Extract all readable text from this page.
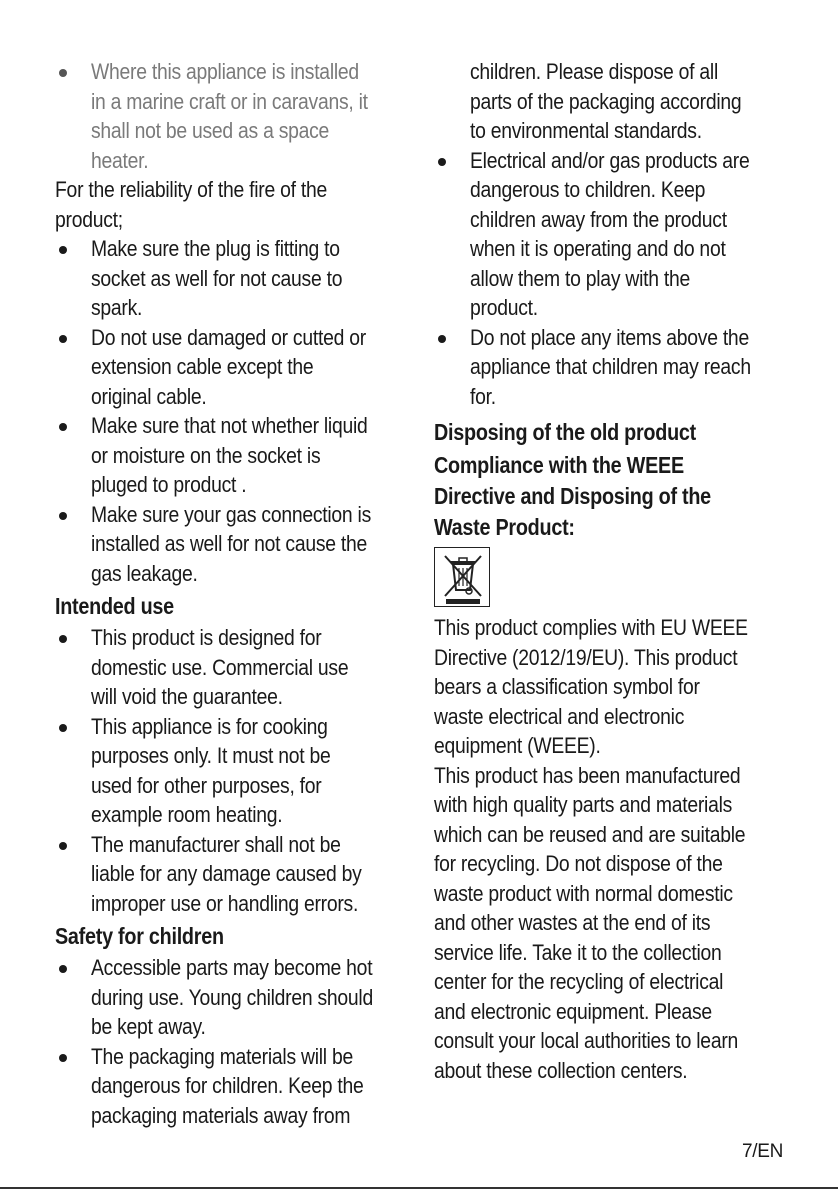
Where this appliance is installed
in a marine craft or in caravans, it
shall not be used as a space
heater.

For the reliability of the fire of the
product;

Make sure the plug is fitting to
socket as well for not cause to
spark.
Do not use damaged or cutted or
extension cable except the
original cable.
Make sure that not whether liquid
or moisture on the socket is
pluged to product .
Make sure your gas connection is
installed as well for not cause the
gas leakage.
Intended use
This product is designed for
domestic use. Commercial use
will void the guarantee.
This appliance is for cooking
purposes only. It must not be
used for other purposes, for
example room heating.
The manufacturer shall not be
liable for any damage caused by
improper use or handling errors.
Safety for children
Accessible parts may become hot
during use. Young children should
be kept away.
The packaging materials will be
dangerous for children. Keep the
packaging materials away from

children. Please dispose of all
parts of the packaging according
to environmental standards.

Electrical and/or gas products are
dangerous to children. Keep
children away from the product
when it is operating and do not
allow them to play with the
product.
Do not place any items above the
appliance that children may reach
for.
Disposing of the old product
Compliance with the WEEE
Directive and Disposing of the
Waste Product:

This product complies with EU WEEE
Directive (2012/19/EU). This product
bears a classification symbol for
waste electrical and electronic
equipment (WEEE).

This product has been manufactured
with high quality parts and materials
which can be reused and are suitable
for recycling. Do not dispose of the
waste product with normal domestic
and other wastes at the end of its
service life. Take it to the collection
center for the recycling of electrical
and electronic equipment. Please
consult your local authorities to learn
about these collection centers.

7/EN
